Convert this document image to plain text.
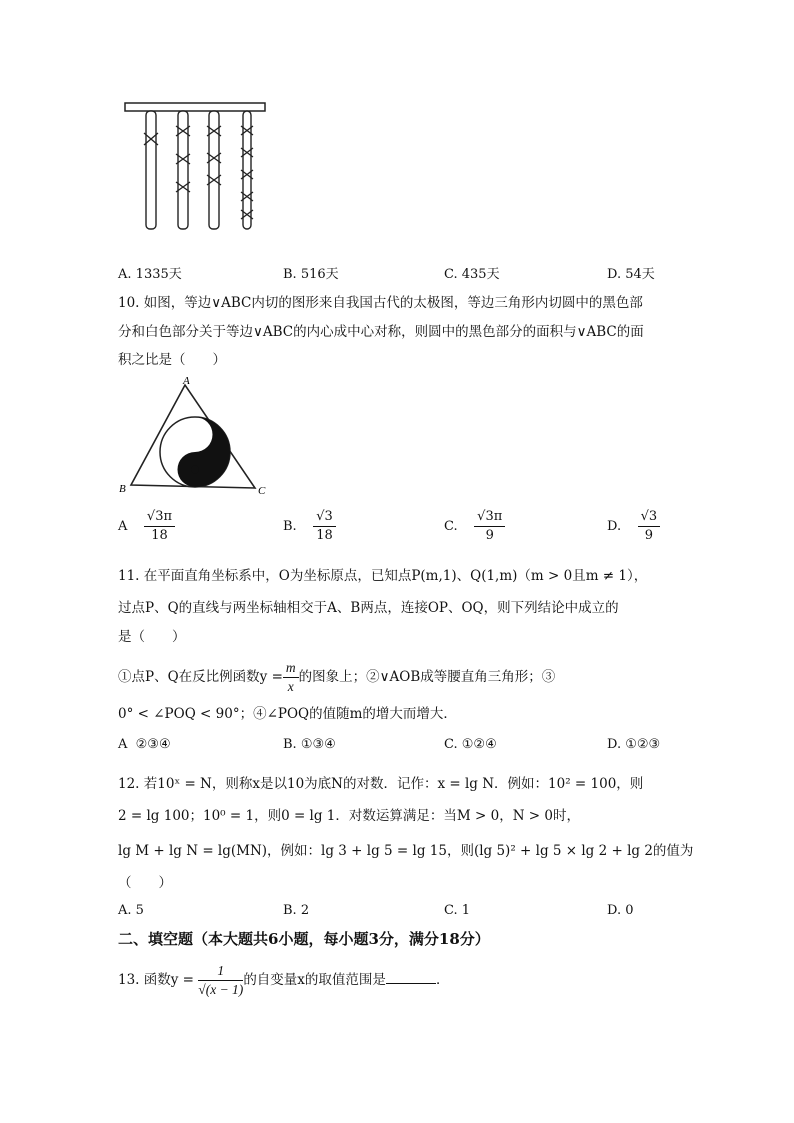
A. 1335天	B. 516天	C. 435天	D. 54天
10. 如图，等边∨ABC内切的图形来自我国古代的太极图，等边三角形内切圆中的黑色部
分和白色部分关于等边∨ABC的内心成中心对称，则圆中的黑色部分的面积与∨ABC的面
积之比是（　　）
A
B	C
A $\frac{√3\pi}{18}$	B. $\frac{√3}{18}$	C. $\frac{√3\pi}{9}$	D. $\frac{√3}{9}$
11. 在平面直角坐标系中，O为坐标原点，已知点P(m,1)、Q(1,m)（m > 0且m ≠ 1），
过点P、Q的直线与两坐标轴相交于A、B两点，连接OP、OQ，则下列结论中成立的
是（　　）
①点P、Q在反比例函数$y = \frac{m}{x}$ 的图象上；②∨AOB成等腰直角三角形；③
0° < ∠POQ < 90°；④∠POQ的值随m的增大而增大．
A ②③④	B. ①③④	C. ①②④	D. ①②③
12. 若10ˣ = N，则称x是以10为底N的对数．记作：x = lg N．例如：10² = 100，则
2 = lg 100；10⁰ = 1，则0 = lg 1．对数运算满足：当M > 0，N > 0时，
lg M + lg N = lg(MN)，例如：lg 3 + lg 5 = lg 15，则(lg 5)² + lg 5 × lg 2 + lg 2的值为
（　　）
A. 5	B. 2	C. 1	D. 0
二、填空题（本大题共6小题，每小题3分，满分18分）
13. 函数$y = \frac{1}{√(x - 1)}$ 的自变量x的取值范围是	．
